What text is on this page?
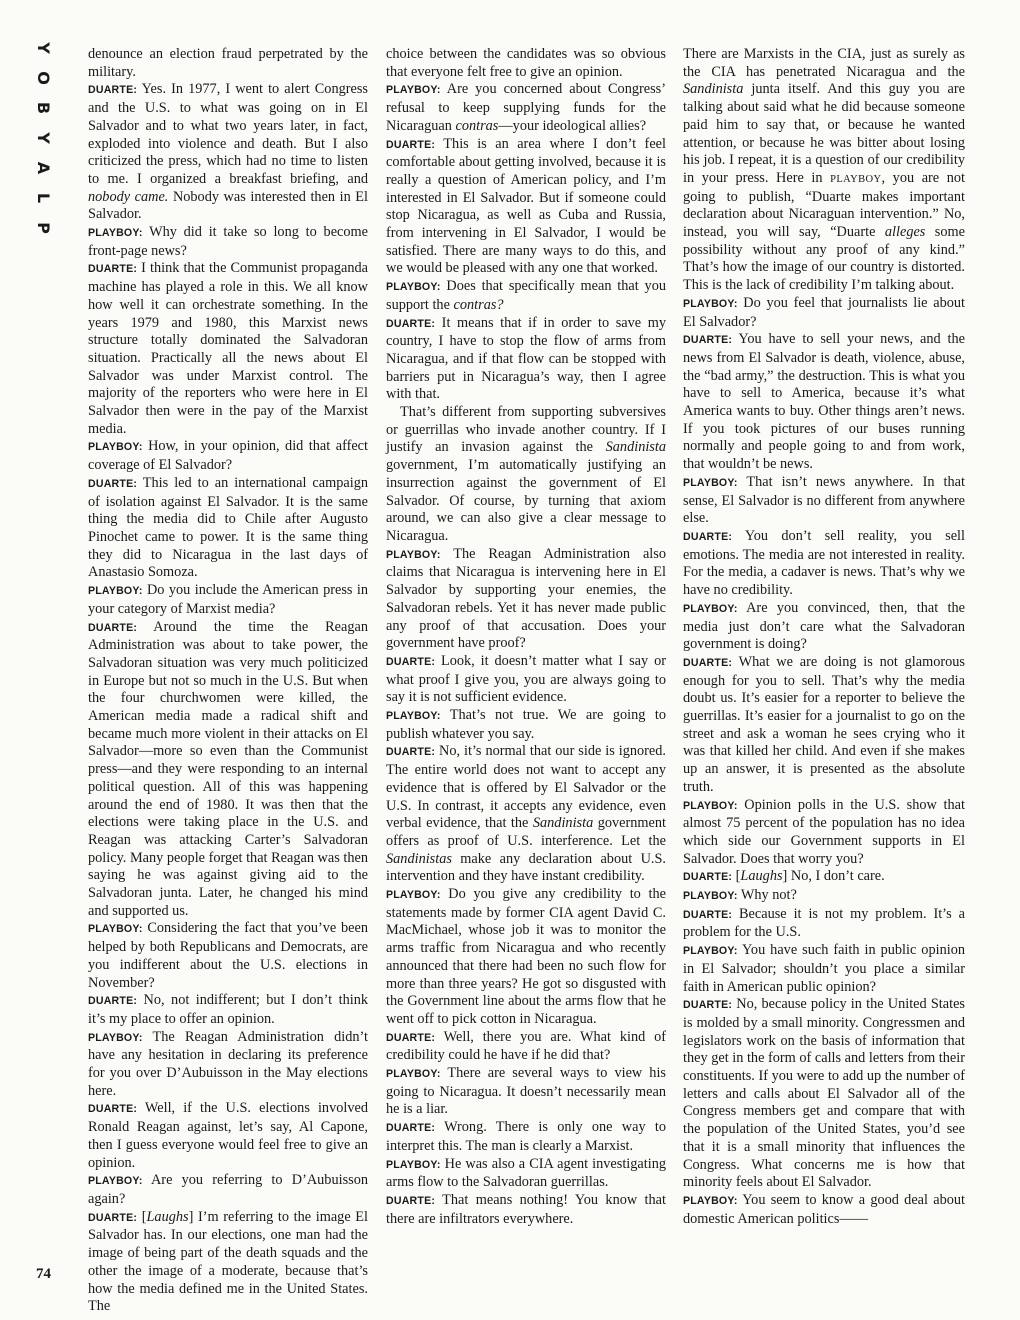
Y
O
B
Y
A
L
P
74

denounce an election fraud perpetrated by the military.

DUARTE: Yes. In 1977, I went to alert Congress and the U.S. to what was going on in El Salvador and to what two years later, in fact, exploded into violence and death. But I also criticized the press, which had no time to listen to me. I organized a breakfast briefing, and nobody came. Nobody was interested then in El Salvador.

PLAYBOY: Why did it take so long to become front-page news?

DUARTE: I think that the Communist propaganda machine has played a role in this. We all know how well it can orchestrate something. In the years 1979 and 1980, this Marxist news structure totally dominated the Salvadoran situation. Practically all the news about El Salvador was under Marxist control. The majority of the reporters who were here in El Salvador then were in the pay of the Marxist media.

PLAYBOY: How, in your opinion, did that affect coverage of El Salvador?

DUARTE: This led to an international campaign of isolation against El Salvador. It is the same thing the media did to Chile after Augusto Pinochet came to power. It is the same thing they did to Nicaragua in the last days of Anastasio Somoza.

PLAYBOY: Do you include the American press in your category of Marxist media?

DUARTE: Around the time the Reagan Administration was about to take power, the Salvadoran situation was very much politicized in Europe but not so much in the U.S. But when the four churchwomen were killed, the American media made a radical shift and became much more violent in their attacks on El Salvador—more so even than the Communist press—and they were responding to an internal political question. All of this was happening around the end of 1980. It was then that the elections were taking place in the U.S. and Reagan was attacking Carter’s Salvadoran policy. Many people forget that Reagan was then saying he was against giving aid to the Salvadoran junta. Later, he changed his mind and supported us.

PLAYBOY: Considering the fact that you’ve been helped by both Republicans and Democrats, are you indifferent about the U.S. elections in November?

DUARTE: No, not indifferent; but I don’t think it’s my place to offer an opinion.

PLAYBOY: The Reagan Administration didn’t have any hesitation in declaring its preference for you over D’Aubuisson in the May elections here.

DUARTE: Well, if the U.S. elections involved Ronald Reagan against, let’s say, Al Capone, then I guess everyone would feel free to give an opinion.

PLAYBOY: Are you referring to D’Aubuisson again?

DUARTE: [Laughs] I’m referring to the image El Salvador has. In our elections, one man had the image of being part of the death squads and the other the image of a moderate, because that’s how the media defined me in the United States. The

choice between the candidates was so obvious that everyone felt free to give an opinion.

PLAYBOY: Are you concerned about Congress’ refusal to keep supplying funds for the Nicaraguan contras—your ideological allies?

DUARTE: This is an area where I don’t feel comfortable about getting involved, because it is really a question of American policy, and I’m interested in El Salvador. But if someone could stop Nicaragua, as well as Cuba and Russia, from intervening in El Salvador, I would be satisfied. There are many ways to do this, and we would be pleased with any one that worked.

PLAYBOY: Does that specifically mean that you support the contras?

DUARTE: It means that if in order to save my country, I have to stop the flow of arms from Nicaragua, and if that flow can be stopped with barriers put in Nicaragua’s way, then I agree with that.

That’s different from supporting subversives or guerrillas who invade another country. If I justify an invasion against the Sandinista government, I’m automatically justifying an insurrection against the government of El Salvador. Of course, by turning that axiom around, we can also give a clear message to Nicaragua.

PLAYBOY: The Reagan Administration also claims that Nicaragua is intervening here in El Salvador by supporting your enemies, the Salvadoran rebels. Yet it has never made public any proof of that accusation. Does your government have proof?

DUARTE: Look, it doesn’t matter what I say or what proof I give you, you are always going to say it is not sufficient evidence.

PLAYBOY: That’s not true. We are going to publish whatever you say.

DUARTE: No, it’s normal that our side is ignored. The entire world does not want to accept any evidence that is offered by El Salvador or the U.S. In contrast, it accepts any evidence, even verbal evidence, that the Sandinista government offers as proof of U.S. interference. Let the Sandinistas make any declaration about U.S. intervention and they have instant credibility.

PLAYBOY: Do you give any credibility to the statements made by former CIA agent David C. MacMichael, whose job it was to monitor the arms traffic from Nicaragua and who recently announced that there had been no such flow for more than three years? He got so disgusted with the Government line about the arms flow that he went off to pick cotton in Nicaragua.

DUARTE: Well, there you are. What kind of credibility could he have if he did that?

PLAYBOY: There are several ways to view his going to Nicaragua. It doesn’t necessarily mean he is a liar.

DUARTE: Wrong. There is only one way to interpret this. The man is clearly a Marxist.

PLAYBOY: He was also a CIA agent investigating arms flow to the Salvadoran guerrillas.

DUARTE: That means nothing! You know that there are infiltrators everywhere.

There are Marxists in the CIA, just as surely as the CIA has penetrated Nicaragua and the Sandinista junta itself. And this guy you are talking about said what he did because someone paid him to say that, or because he wanted attention, or because he was bitter about losing his job. I repeat, it is a question of our credibility in your press. Here in PLAYBOY, you are not going to publish, “Duarte makes important declaration about Nicaraguan intervention.” No, instead, you will say, “Duarte alleges some possibility without any proof of any kind.” That’s how the image of our country is distorted. This is the lack of credibility I’m talking about.

PLAYBOY: Do you feel that journalists lie about El Salvador?

DUARTE: You have to sell your news, and the news from El Salvador is death, violence, abuse, the “bad army,” the destruction. This is what you have to sell to America, because it’s what America wants to buy. Other things aren’t news. If you took pictures of our buses running normally and people going to and from work, that wouldn’t be news.

PLAYBOY: That isn’t news anywhere. In that sense, El Salvador is no different from anywhere else.

DUARTE: You don’t sell reality, you sell emotions. The media are not interested in reality. For the media, a cadaver is news. That’s why we have no credibility.

PLAYBOY: Are you convinced, then, that the media just don’t care what the Salvadoran government is doing?

DUARTE: What we are doing is not glamorous enough for you to sell. That’s why the media doubt us. It’s easier for a reporter to believe the guerrillas. It’s easier for a journalist to go on the street and ask a woman he sees crying who it was that killed her child. And even if she makes up an answer, it is presented as the absolute truth.

PLAYBOY: Opinion polls in the U.S. show that almost 75 percent of the population has no idea which side our Government supports in El Salvador. Does that worry you?

DUARTE: [Laughs] No, I don’t care.

PLAYBOY: Why not?

DUARTE: Because it is not my problem. It’s a problem for the U.S.

PLAYBOY: You have such faith in public opinion in El Salvador; shouldn’t you place a similar faith in American public opinion?

DUARTE: No, because policy in the United States is molded by a small minority. Congressmen and legislators work on the basis of information that they get in the form of calls and letters from their constituents. If you were to add up the number of letters and calls about El Salvador all of the Congress members get and compare that with the population of the United States, you’d see that it is a small minority that influences the Congress. What concerns me is how that minority feels about El Salvador.

PLAYBOY: You seem to know a good deal about domestic American politics——
